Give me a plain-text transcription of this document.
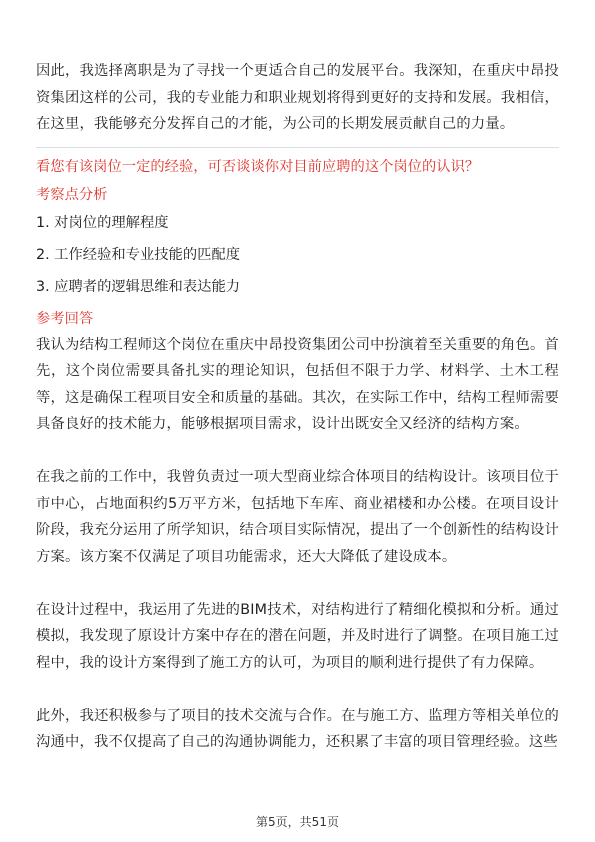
因此，我选择离职是为了寻找一个更适合自己的发展平台。我深知，在重庆中昂投资集团这样的公司，我的专业能力和职业规划将得到更好的支持和发展。我相信，在这里，我能够充分发挥自己的才能，为公司的长期发展贡献自己的力量。

看您有该岗位一定的经验，可否谈谈你对目前应聘的这个岗位的认识？

考察点分析

1. 对岗位的理解程度
2. 工作经验和专业技能的匹配度
3. 应聘者的逻辑思维和表达能力

参考回答

我认为结构工程师这个岗位在重庆中昂投资集团公司中扮演着至关重要的角色。首先，这个岗位需要具备扎实的理论知识，包括但不限于力学、材料学、土木工程等，这是确保工程项目安全和质量的基础。其次，在实际工作中，结构工程师需要具备良好的技术能力，能够根据项目需求，设计出既安全又经济的结构方案。

在我之前的工作中，我曾负责过一项大型商业综合体项目的结构设计。该项目位于市中心，占地面积约5万平方米，包括地下车库、商业裙楼和办公楼。在项目设计阶段，我充分运用了所学知识，结合项目实际情况，提出了一个创新性的结构设计方案。该方案不仅满足了项目功能需求，还大大降低了建设成本。

在设计过程中，我运用了先进的BIM技术，对结构进行了精细化模拟和分析。通过模拟，我发现了原设计方案中存在的潜在问题，并及时进行了调整。在项目施工过程中，我的设计方案得到了施工方的认可，为项目的顺利进行提供了有力保障。

此外，我还积极参与了项目的技术交流与合作。在与施工方、监理方等相关单位的沟通中，我不仅提高了自己的沟通协调能力，还积累了丰富的项目管理经验。这些

第5页，共51页
